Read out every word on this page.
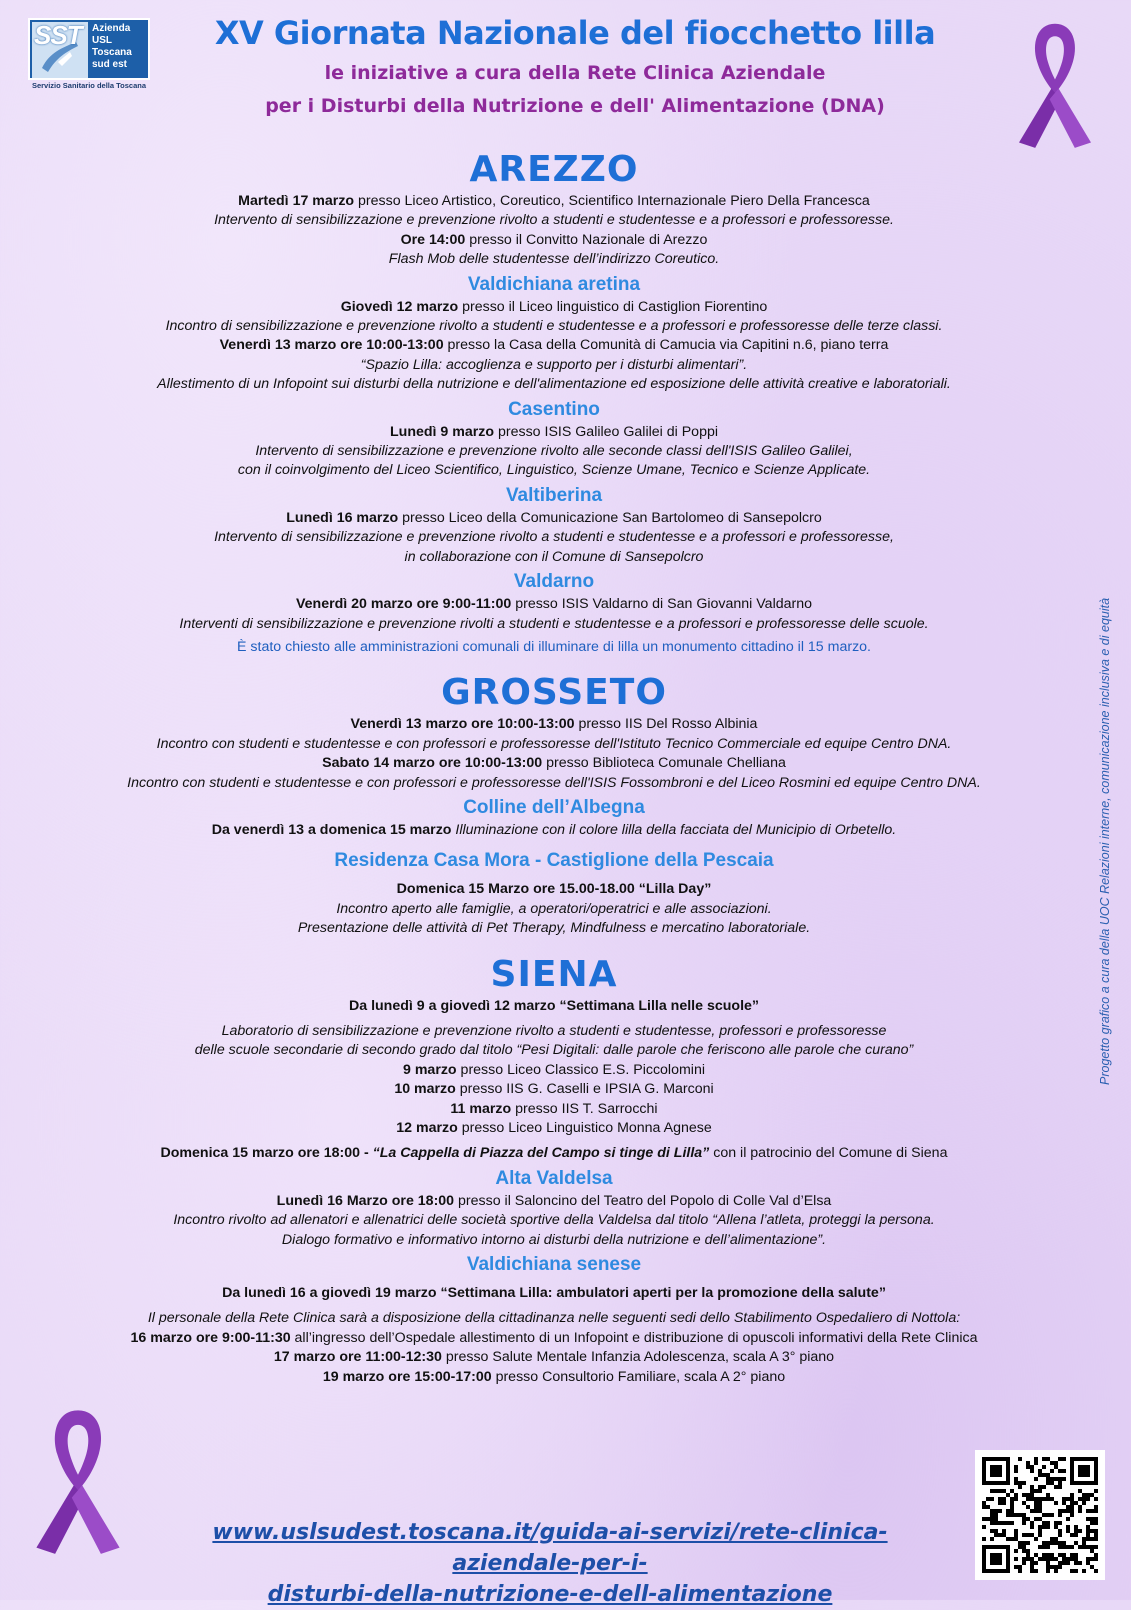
SST Azienda
USL
Toscana
sud est
Servizio Sanitario della Toscana
XV Giornata Nazionale del fiocchetto lilla
le iniziative a cura della Rete Clinica Aziendale
per i Disturbi della Nutrizione e dell' Alimentazione (DNA)
AREZZO

Martedì 17 marzo presso Liceo Artistico, Coreutico, Scientifico Internazionale Piero Della Francesca

Intervento di sensibilizzazione e prevenzione rivolto a studenti e studentesse e a professori e professoresse.

Ore 14:00 presso il Convitto Nazionale di Arezzo

Flash Mob delle studentesse dell’indirizzo Coreutico.

Valdichiana aretina

Giovedì 12 marzo presso il Liceo linguistico di Castiglion Fiorentino

Incontro di sensibilizzazione e prevenzione rivolto a studenti e studentesse e a professori e professoresse delle terze classi.

Venerdì 13 marzo ore 10:00-13:00 presso la Casa della Comunità di Camucia via Capitini n.6, piano terra

“Spazio Lilla: accoglienza e supporto per i disturbi alimentari”.

Allestimento di un Infopoint sui disturbi della nutrizione e dell'alimentazione ed esposizione delle attività creative e laboratoriali.

Casentino

Lunedì 9 marzo presso ISIS Galileo Galilei di Poppi

Intervento di sensibilizzazione e prevenzione rivolto alle seconde classi dell'ISIS Galileo Galilei,

con il coinvolgimento del Liceo Scientifico, Linguistico, Scienze Umane, Tecnico e Scienze Applicate.

Valtiberina

Lunedì 16 marzo presso Liceo della Comunicazione San Bartolomeo di Sansepolcro

Intervento di sensibilizzazione e prevenzione rivolto a studenti e studentesse e a professori e professoresse,

in collaborazione con il Comune di Sansepolcro

Valdarno

Venerdì 20 marzo ore 9:00-11:00 presso ISIS Valdarno di San Giovanni Valdarno

Interventi di sensibilizzazione e prevenzione rivolti a studenti e studentesse e a professori e professoresse delle scuole.

È stato chiesto alle amministrazioni comunali di illuminare di lilla un monumento cittadino il 15 marzo.

GROSSETO

Venerdì 13 marzo ore 10:00-13:00 presso IIS Del Rosso Albinia

Incontro con studenti e studentesse e con professori e professoresse dell'Istituto Tecnico Commerciale ed equipe Centro DNA.

Sabato 14 marzo ore 10:00-13:00 presso Biblioteca Comunale Chelliana

Incontro con studenti e studentesse e con professori e professoresse dell'ISIS Fossombroni e del Liceo Rosmini ed equipe Centro DNA.

Colline dell’Albegna

Da venerdì 13 a domenica 15 marzo Illuminazione con il colore lilla della facciata del Municipio di Orbetello.

Residenza Casa Mora - Castiglione della Pescaia

Domenica 15 Marzo ore 15.00-18.00 “Lilla Day”

Incontro aperto alle famiglie, a operatori/operatrici e alle associazioni.

Presentazione delle attività di Pet Therapy, Mindfulness e mercatino laboratoriale.

SIENA

Da lunedì 9 a giovedì 12 marzo “Settimana Lilla nelle scuole”

Laboratorio di sensibilizzazione e prevenzione rivolto a studenti e studentesse, professori e professoresse

delle scuole secondarie di secondo grado dal titolo “Pesi Digitali: dalle parole che feriscono alle parole che curano”

9 marzo presso Liceo Classico E.S. Piccolomini

10 marzo presso IIS G. Caselli e IPSIA G. Marconi

11 marzo presso IIS T. Sarrocchi

12 marzo presso Liceo Linguistico Monna Agnese

Domenica 15 marzo ore 18:00 - “La Cappella di Piazza del Campo si tinge di Lilla” con il patrocinio del Comune di Siena

Alta Valdelsa

Lunedì 16 Marzo ore 18:00 presso il Saloncino del Teatro del Popolo di Colle Val d’Elsa

Incontro rivolto ad allenatori e allenatrici delle società sportive della Valdelsa dal titolo “Allena l’atleta, proteggi la persona.

Dialogo formativo e informativo intorno ai disturbi della nutrizione e dell’alimentazione”.

Valdichiana senese

Da lunedì 16 a giovedì 19 marzo “Settimana Lilla: ambulatori aperti per la promozione della salute”

Il personale della Rete Clinica sarà a disposizione della cittadinanza nelle seguenti sedi dello Stabilimento Ospedaliero di Nottola:

16 marzo ore 9:00-11:30 all’ingresso dell’Ospedale allestimento di un Infopoint e distribuzione di opuscoli informativi della Rete Clinica

17 marzo ore 11:00-12:30 presso Salute Mentale Infanzia Adolescenza, scala A 3° piano

19 marzo ore 15:00-17:00 presso Consultorio Familiare, scala A 2° piano

Progetto grafico a cura della UOC Relazioni interne, comunicazione inclusiva e di equità
www.uslsudest.toscana.it/guida-ai-servizi/rete-clinica-aziendale-per-i-
disturbi-della-nutrizione-e-dell-alimentazione
